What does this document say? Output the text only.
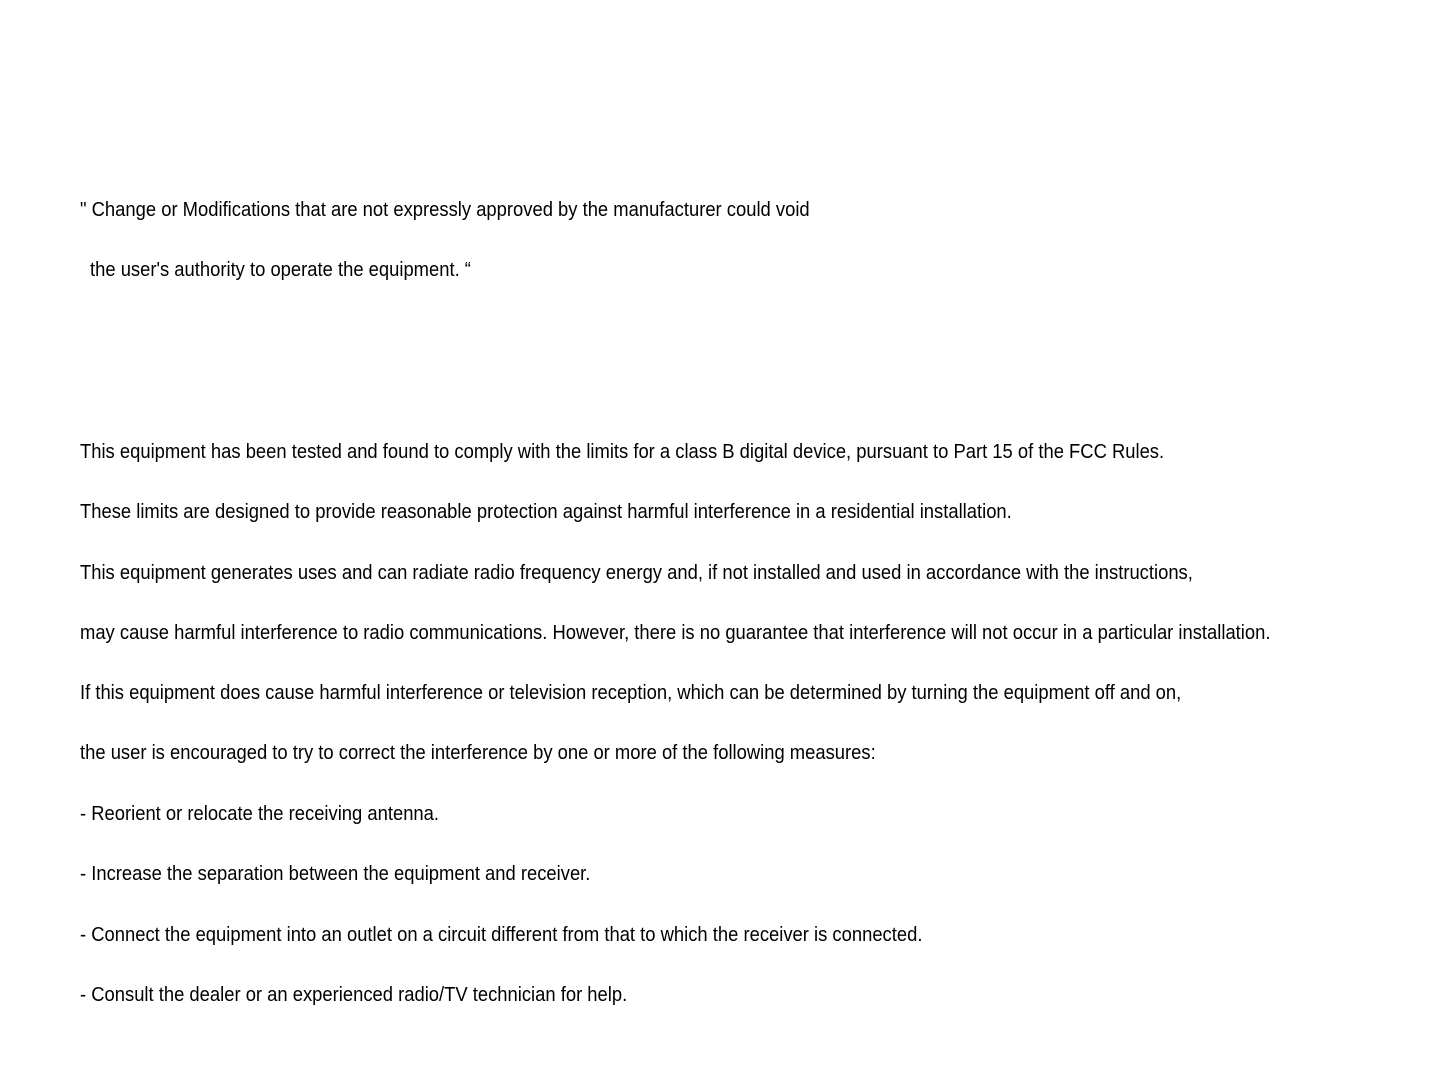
" Change or Modifications that are not expressly approved by the manufacturer could void
the user's authority to operate the equipment. “
This equipment has been tested and found to comply with the limits for a class B digital device, pursuant to Part 15 of the FCC Rules.
These limits are designed to provide reasonable protection against harmful interference in a residential installation.
This equipment generates uses and can radiate radio frequency energy and, if not installed and used in accordance with the instructions,
may cause harmful interference to radio communications. However, there is no guarantee that interference will not occur in a particular installation.
If this equipment does cause harmful interference or television reception, which can be determined by turning the equipment off and on,
the user is encouraged to try to correct the interference by one or more of the following measures:
- Reorient or relocate the receiving antenna.
- Increase the separation between the equipment and receiver.
- Connect the equipment into an outlet on a circuit different from that to which the receiver is connected.
- Consult the dealer or an experienced radio/TV technician for help.
